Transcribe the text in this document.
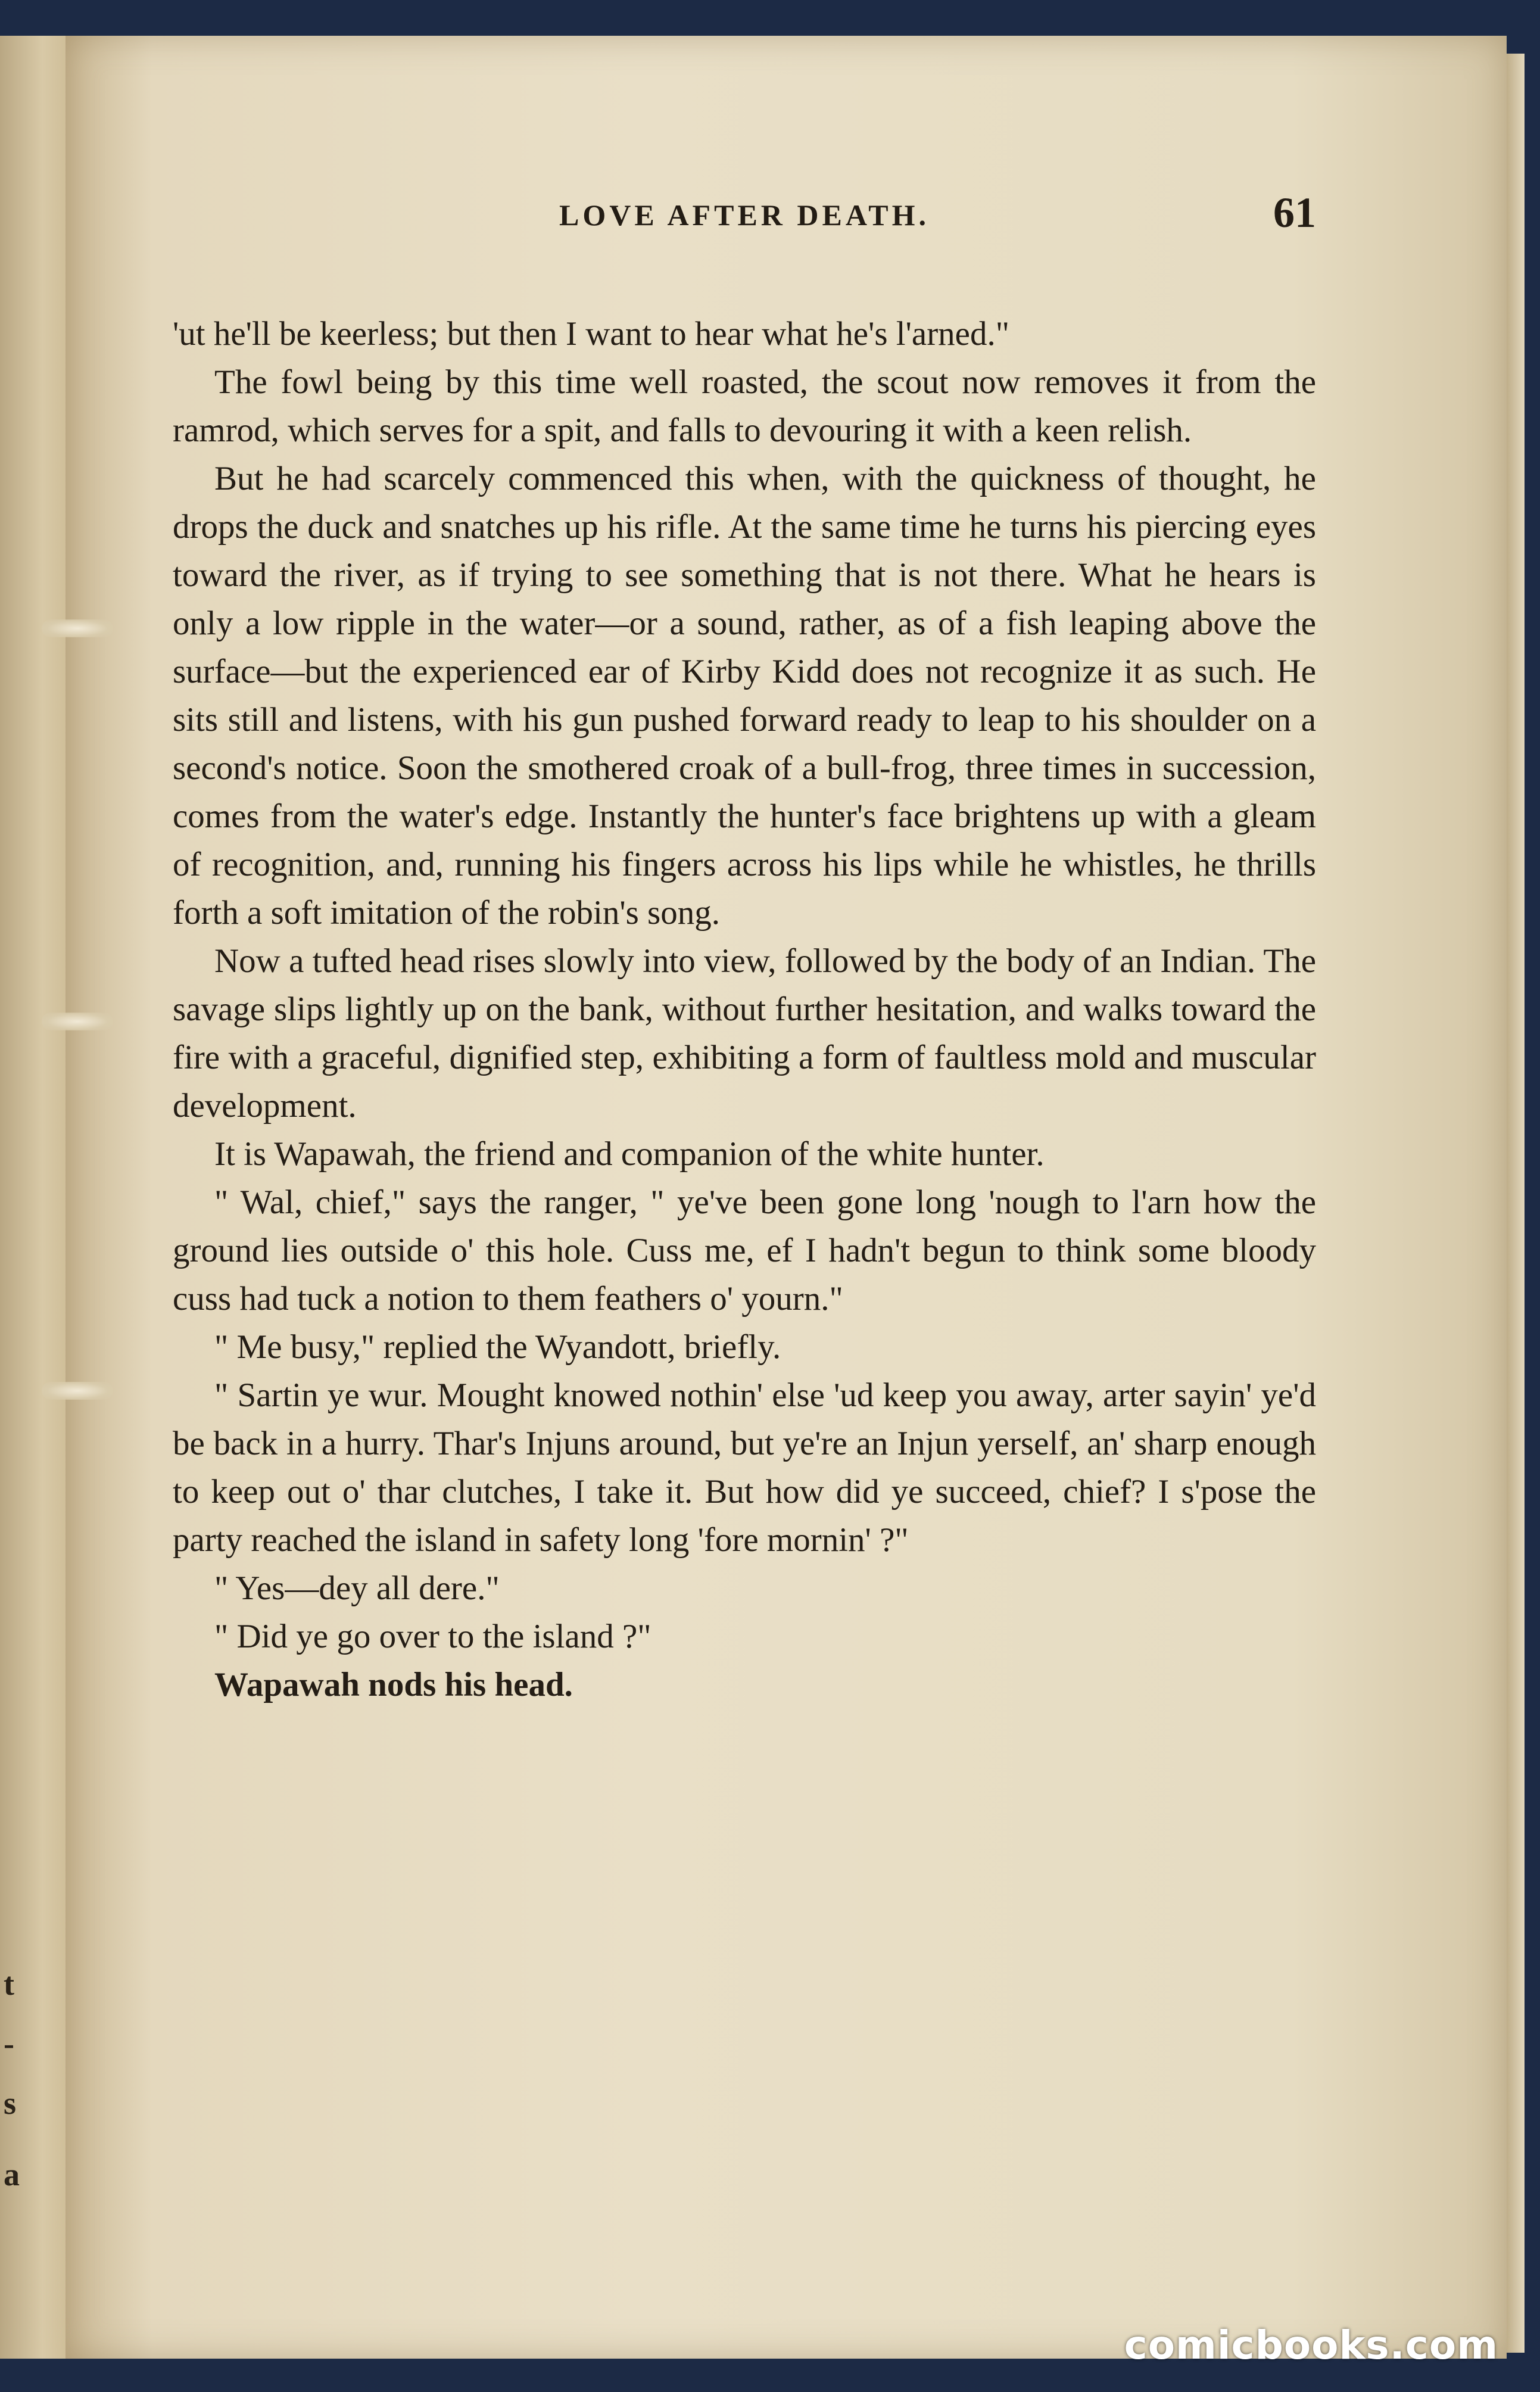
t
-
s
a
LOVE AFTER DEATH.	61

'ut he'll be keerless; but then I want to hear what he's l'arned."

The fowl being by this time well roasted, the scout now removes it from the ramrod, which serves for a spit, and falls to devouring it with a keen relish.

But he had scarcely commenced this when, with the quickness of thought, he drops the duck and snatches up his rifle. At the same time he turns his piercing eyes toward the river, as if trying to see something that is not there. What he hears is only a low ripple in the water—or a sound, rather, as of a fish leaping above the surface—but the experienced ear of Kirby Kidd does not recognize it as such. He sits still and listens, with his gun pushed forward ready to leap to his shoulder on a second's notice. Soon the smothered croak of a bull-frog, three times in succession, comes from the water's edge. Instantly the hunter's face brightens up with a gleam of recognition, and, running his fingers across his lips while he whistles, he thrills forth a soft imitation of the robin's song.

Now a tufted head rises slowly into view, followed by the body of an Indian. The savage slips lightly up on the bank, without further hesitation, and walks toward the fire with a graceful, dignified step, exhibiting a form of faultless mold and muscular development.

It is Wapawah, the friend and companion of the white hunter.

" Wal, chief," says the ranger, " ye've been gone long 'nough to l'arn how the ground lies outside o' this hole. Cuss me, ef I hadn't begun to think some bloody cuss had tuck a notion to them feathers o' yourn."

" Me busy," replied the Wyandott, briefly.

" Sartin ye wur. Mought knowed nothin' else 'ud keep you away, arter sayin' ye'd be back in a hurry. Thar's Injuns around, but ye're an Injun yerself, an' sharp enough to keep out o' thar clutches, I take it. But how did ye succeed, chief? I s'pose the party reached the island in safety long 'fore mornin' ?"

" Yes—dey all dere."

" Did ye go over to the island ?"

Wapawah nods his head.

comicbooks.com
